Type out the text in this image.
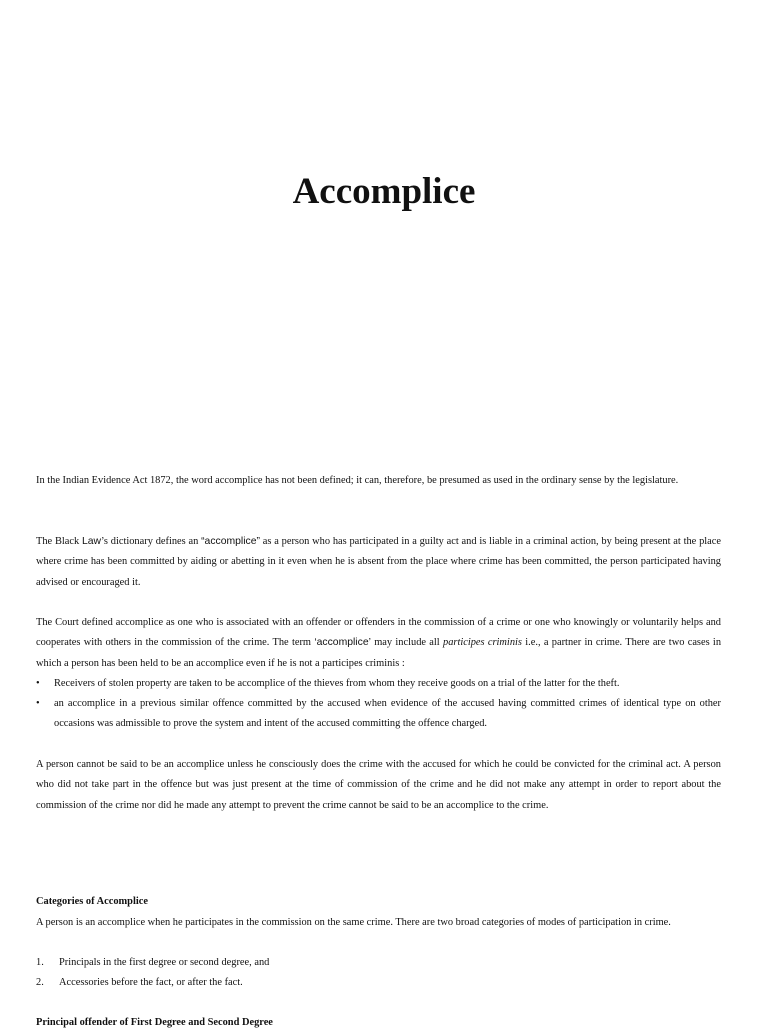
Accomplice

In the Indian Evidence Act 1872, the word accomplice has not been defined; it can, therefore, be presumed as used in the ordinary sense by the legislature.

The Black Law’s dictionary defines an “accomplice” as a person who has participated in a guilty act and is liable in a criminal action, by being present at the place where crime has been committed by aiding or abetting in it even when he is absent from the place where crime has been committed, the person participated having advised or encouraged it.

The Court defined accomplice as one who is associated with an offender or offenders in the commission of a crime or one who knowingly or voluntarily helps and cooperates with others in the commission of the crime. The term ‘accomplice’ may include all participes criminis i.e., a partner in crime. There are two cases in which a person has been held to be an accomplice even if he is not a participes criminis :

• Receivers of stolen property are taken to be accomplice of the thieves from whom they receive goods on a trial of the latter for the theft.
• an accomplice in a previous similar offence committed by the accused when evidence of the accused having committed crimes of identical type on other occasions was admissible to prove the system and intent of the accused committing the offence charged.

A person cannot be said to be an accomplice unless he consciously does the crime with the accused for which he could be convicted for the criminal act. A person who did not take part in the offence but was just present at the time of commission of the crime and he did not make any attempt in order to report about the commission of the crime nor did he made any attempt to prevent the crime cannot be said to be an accomplice to the crime.

Categories of Accomplice

A person is an accomplice when he participates in the commission on the same crime. There are two broad categories of modes of participation in crime.

1. Principals in the first degree or second degree, and
2. Accessories before the fact, or after the fact.

Principal offender of First Degree and Second Degree
